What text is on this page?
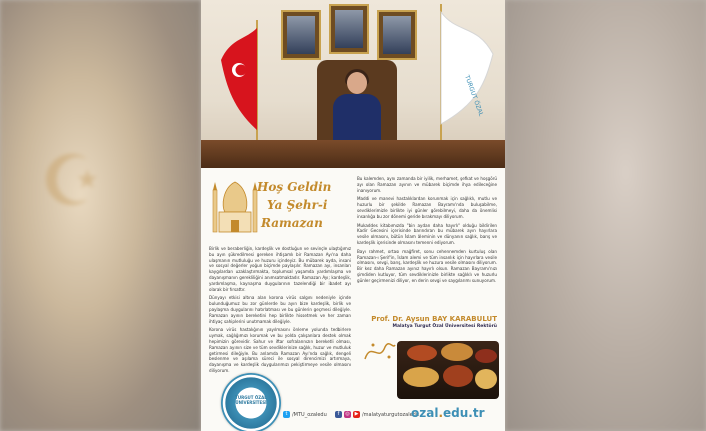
☪
TURGUT ÖZAL
Hoş Geldin
Ya Şehr-i
Ramazan

Birlik ve beraberliğin, kardeşlik ve dostluğun ve sevinçle ulaştığımız bu ayın şükredilmesi gereken ihtişamlı bir Ramazan Ayı'na daha ulaşmanın mutluluğu ve huzuru içindeyiz. Bu mübarek ayda, insani ve sosyal değerler yoğun biçimde paylaşılır. Ramazan ayı, insanları kaygılardan uzaklaştırmakta, toplumsal yaşamda yardımlaşma ve dayanışmanın gerekliliğini anımsatmaktadır. Ramazan Ayı; kardeşlik, yardımlaşma, kaynaşma duygularının tazelendiği bir ibadet ayı olarak bir fırsattır.

Dünyayı etkisi altına alan korona virüs salgını nedeniyle içinde bulunduğumuz bu zor günlerde bu ayın bize kardeşlik, birlik ve paylaşma duygularını hatırlatması ve bu günlerin geçmesi dileğiyle. Ramazan ayının bereketini hep birlikte hissetmek ve her zaman ihtiyaç sahiplerini unutmamak dileğiyle.

Korona virüs hastalığının yayılmasını önleme yolunda tedbirlere uymak, sağlığımızı korumak ve bu yolda çalışanlara destek olmak hepimizin görevidir. Sahur ve iftar sofralarınızın bereketli olması, Ramazan ayının size ve tüm sevdiklerinize sağlık, huzur ve mutluluk getirmesi dileğiyle. Bu anlamda Ramazan Ayı'nda sağlık, dengeli beslenme ve aşılama süreci ile sosyal direncimizi artırmaya, dayanışma ve kardeşlik duygularımızı pekiştirmeye vesile olmasını diliyorum.

Bu kalemden, aynı zamanda bir iyilik, merhamet, şefkat ve hoşgörü ayı olan Ramazan ayının ve mübarek biçimde ihya edileceğine inanıyorum.

Maddi ve manevi hastalıklardan korunmak için sağlıklı, mutlu ve huzurlu bir şekilde Ramazan Bayramı'nda buluşabilme, sevdiklerimizle birlikte iyi günler görebilmeyi, daha da önemlisi insanlığa bu zor dönemi geride bırakmayı diliyorum.

Mukaddes kitabımızda "bin aydan daha hayırlı" olduğu bildirilen Kadir Gecesini içerisinde barındıran bu mübarek ayın hayırlara vesile olmasını, bütün İslam âleminin ve dünyanın sağlık, barış ve kardeşlik içerisinde olmasını temenni ediyorum.

Bayı rahmet, ortası mağfiret, sonu cehennemden kurtuluş olan Ramazan-ı Şerif'in, İslam alemi ve tüm insanlık için hayırlara vesile olmasını, sevgi, barış, kardeşlik ve huzura vesile olmasını diliyorum. Bir kez daha Ramazan ayınız hayırlı olsun. Ramazan Bayramı'nızı şimdiden kutluyor, tüm sevdiklerinizle birlikte sağlıklı ve huzurlu günler geçirmenizi diliyor, en derin sevgi ve saygılarımı sunuyorum.

Prof. Dr. Aysun BAY KARABULUT
Malatya Turgut Özal Üniversitesi Rektörü
TURGUT ÖZAL ÜNİVERSİTESİ
t /MTU_ozaledu	f	◎ ▶ /malatyaturgutozaledu
ozal.edu.tr
